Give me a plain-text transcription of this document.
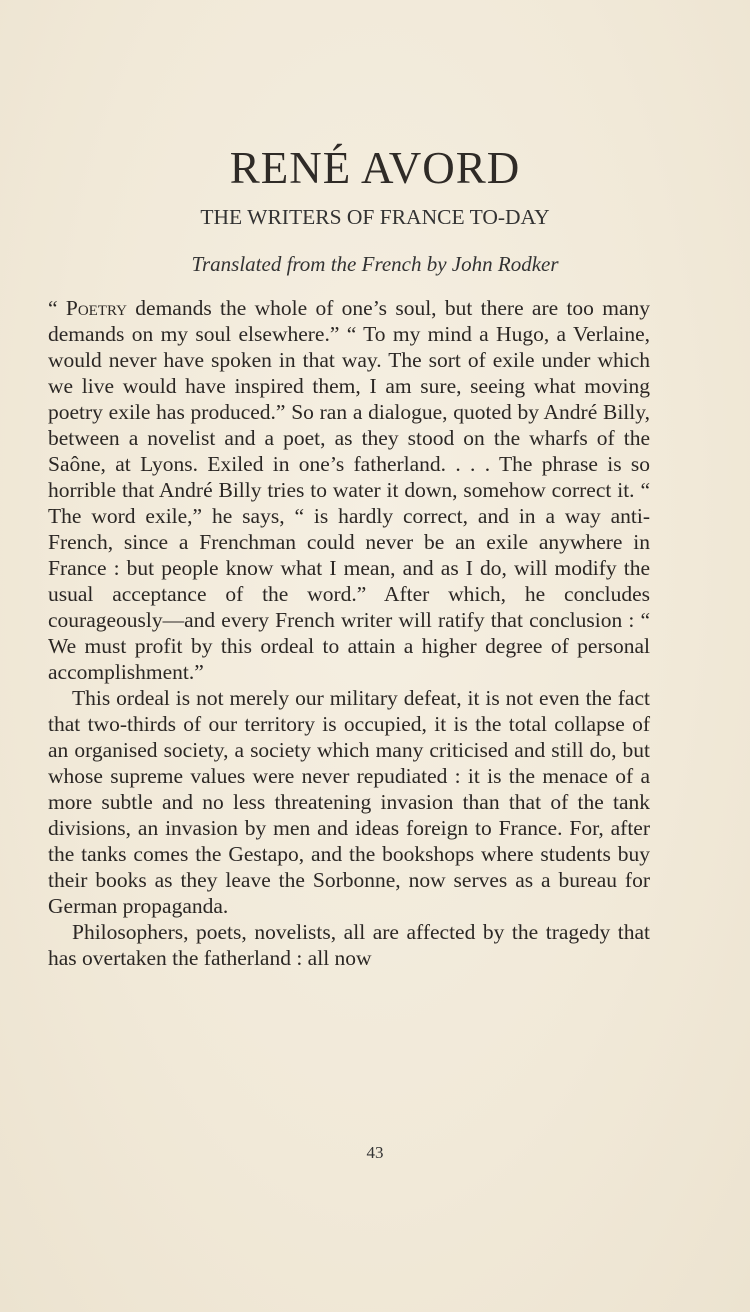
RENÉ AVORD
THE WRITERS OF FRANCE TO-DAY
Translated from the French by John Rodker

“ Poetry demands the whole of one’s soul, but there are too many demands on my soul elsewhere.” “ To my mind a Hugo, a Verlaine, would never have spoken in that way. The sort of exile under which we live would have inspired them, I am sure, seeing what moving poetry exile has produced.” So ran a dialogue, quoted by André Billy, between a novelist and a poet, as they stood on the wharfs of the Saône, at Lyons. Exiled in one’s fatherland. . . . The phrase is so horrible that André Billy tries to water it down, somehow correct it. “ The word exile,” he says, “ is hardly correct, and in a way anti-French, since a Frenchman could never be an exile anywhere in France : but people know what I mean, and as I do, will modify the usual acceptance of the word.” After which, he concludes courageously—and every French writer will ratify that conclusion : “ We must profit by this ordeal to attain a higher degree of personal accomplishment.”

This ordeal is not merely our military defeat, it is not even the fact that two-thirds of our territory is occupied, it is the total collapse of an organised society, a society which many criticised and still do, but whose supreme values were never repudiated : it is the menace of a more subtle and no less threatening invasion than that of the tank divisions, an invasion by men and ideas foreign to France. For, after the tanks comes the Gestapo, and the bookshops where students buy their books as they leave the Sorbonne, now serves as a bureau for German propaganda.

Philosophers, poets, novelists, all are affected by the tragedy that has overtaken the fatherland : all now

43
